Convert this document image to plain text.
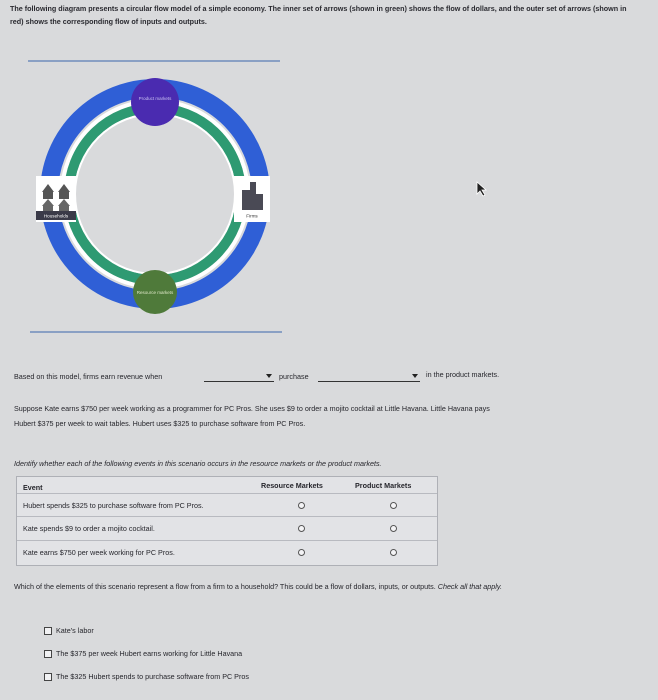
The following diagram presents a circular flow model of a simple economy. The inner set of arrows (shown in green) shows the flow of dollars, and the outer set of arrows (shown in red) shows the corresponding flow of inputs and outputs.
Product markets
Resource markets
Households	Firms
Based on this model, firms earn revenue when	purchase	in the product markets.
Suppose Kate earns $750 per week working as a programmer for PC Pros. She uses $9 to order a mojito cocktail at Little Havana. Little Havana pays
Hubert $375 per week to wait tables. Hubert uses $325 to purchase software from PC Pros.
Identify whether each of the following events in this scenario occurs in the resource markets or the product markets.
Event	Resource Markets	Product Markets
Hubert spends $325 to purchase software from PC Pros.
Kate spends $9 to order a mojito cocktail.
Kate earns $750 per week working for PC Pros.
Which of the elements of this scenario represent a flow from a firm to a household? This could be a flow of dollars, inputs, or outputs. Check all that apply.
Kate's labor
The $375 per week Hubert earns working for Little Havana
The $325 Hubert spends to purchase software from PC Pros
